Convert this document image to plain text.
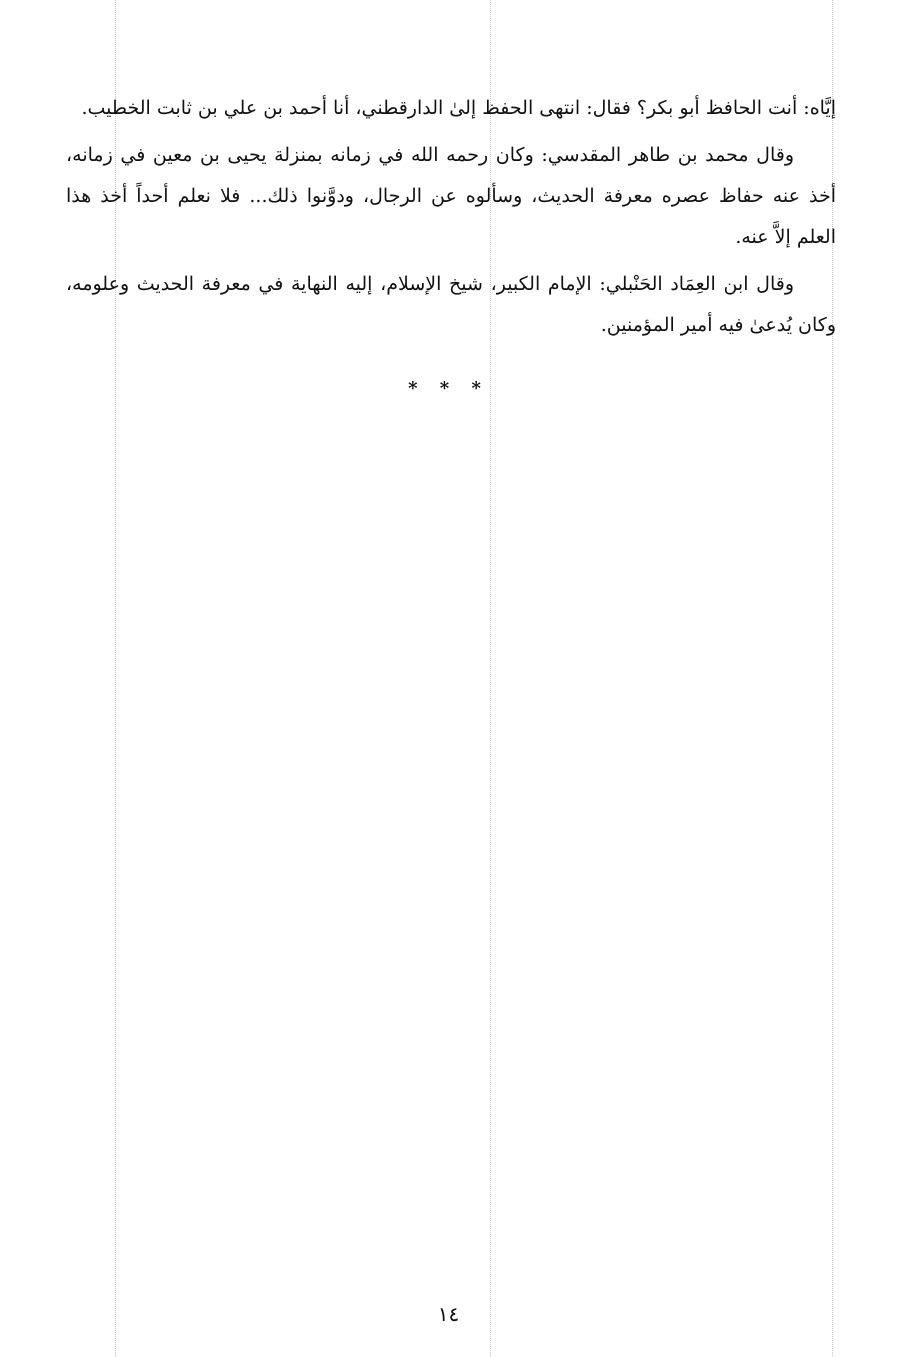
إيَّاه: أنت الحافظ أبو بكر؟ فقال: انتهى الحفظ إلىٰ الدارقطني، أنا أحمد بن علي بن ثابت الخطيب.

وقال محمد بن طاهر المقدسي: وكان رحمه الله في زمانه بمنزلة يحيى بن معين في زمانه، أخذ عنه حفاظ عصره معرفة الحديث، وسألوه عن الرجال، ودوَّنوا ذلك... فلا نعلم أحداً أخذ هذا العلم إلاَّ عنه.

وقال ابن العِمَاد الحَنْبلي: الإمام الكبير، شيخ الإسلام، إليه النهاية في معرفة الحديث وعلومه، وكان يُدعىٰ فيه أمير المؤمنين.

* * *
١٤
